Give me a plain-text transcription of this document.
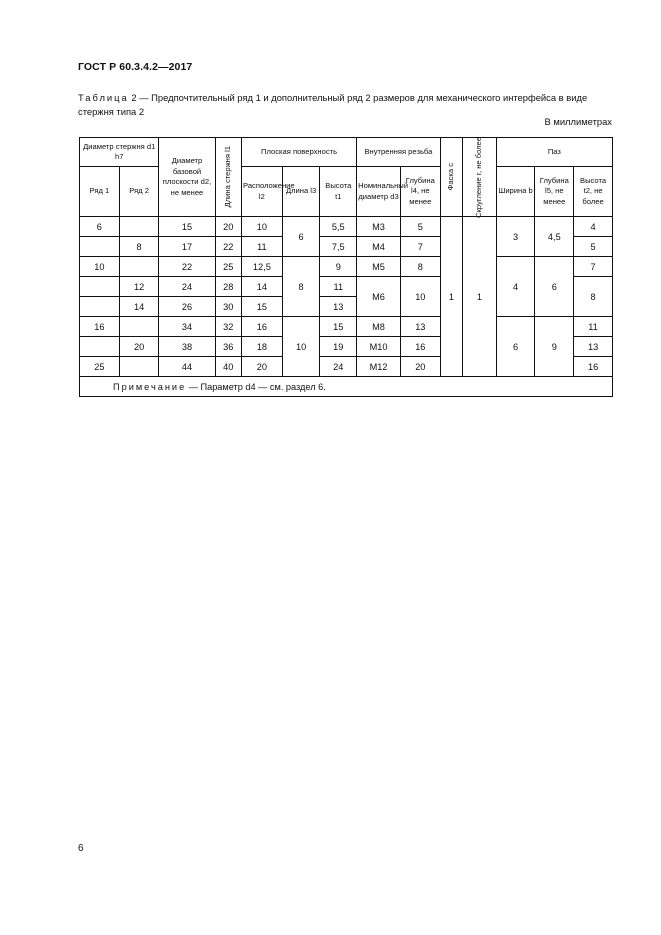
ГОСТ Р 60.3.4.2—2017
Таблица 2 — Предпочтительный ряд 1 и дополнительный ряд 2 размеров для механического интерфейса в виде стержня типа 2
В миллиметрах
Диаметр стержня d1 h7		Диаметр базовой плоскости d2, не менее	Длина стержня l1	Плоская поверхность			Внутренняя резьба		Фаска c	Скругление r, не более	Паз		
Ряд 1	Ряд 2			Расположение l2	Длина l3	Высота t1	Номинальный диаметр d3	Глубина l4, не менее			Ширина b	Глубина l5, не менее	Высота t2, не более
6		15	20	10	6	5,5	M3	5	1	1	3	4,5	4
	8	17	22	11		7,5	M4	7					5
10		22	25	12,5	8	9	M5	8			4	6	7
	12	24	28	14		11	M6	10					8
	14	26	30	15		13							
16		34	32	16	10	15	M8	13			6	9	11
	20	38	36	18		19	M10	16					13
25		44	40	20		24	M12	20					16
Примечание — Параметр d4 — см. раздел 6.													
6
